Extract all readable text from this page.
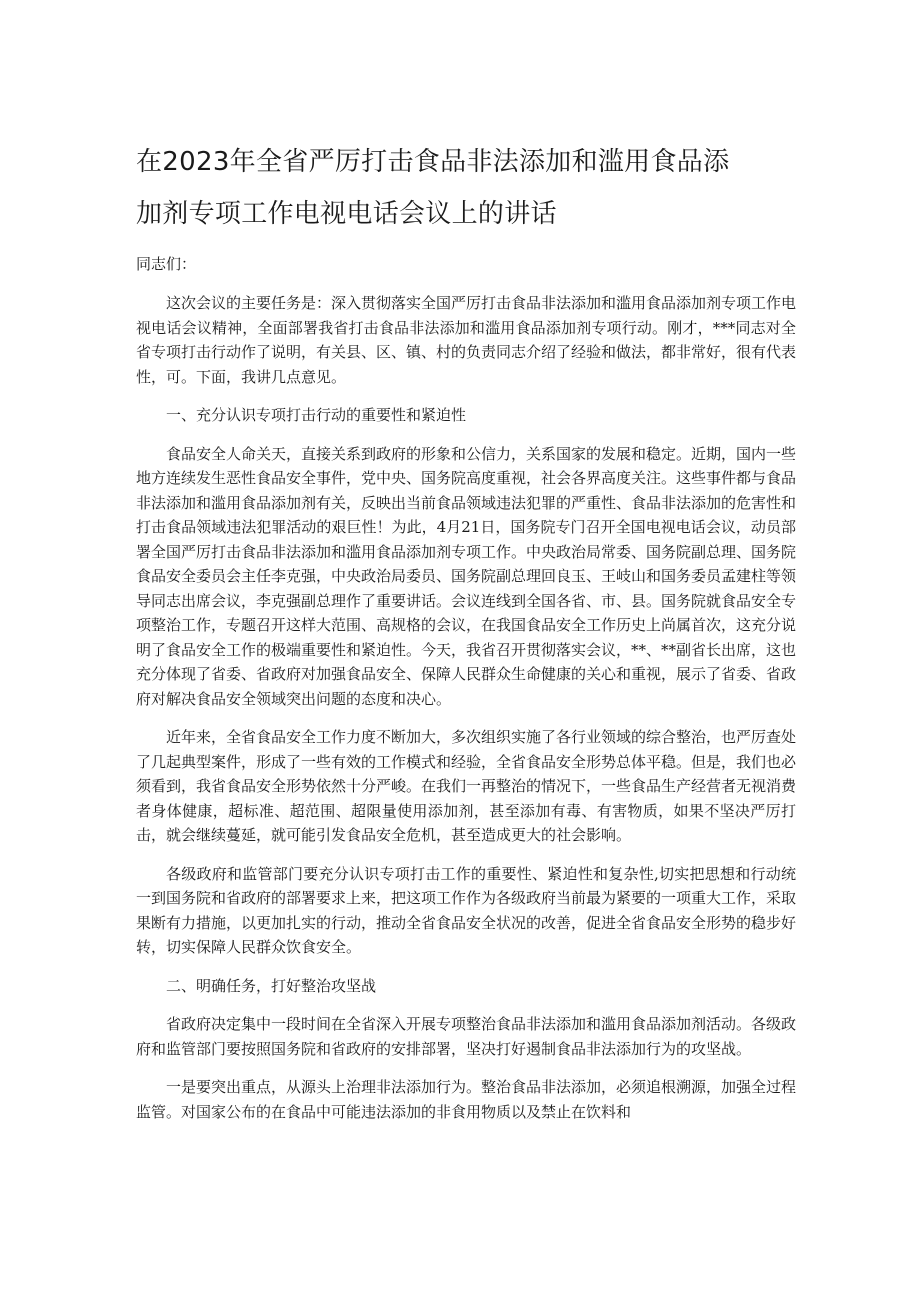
在2023年全省严厉打击食品非法添加和滥用食品添
加剂专项工作电视电话会议上的讲话

同志们：

这次会议的主要任务是：深入贯彻落实全国严厉打击食品非法添加和滥用食品添加剂专项工作电视电话会议精神，全面部署我省打击食品非法添加和滥用食品添加剂专项行动。刚才，***同志对全省专项打击行动作了说明，有关县、区、镇、村的负责同志介绍了经验和做法，都非常好，很有代表性，可。下面，我讲几点意见。

一、充分认识专项打击行动的重要性和紧迫性

食品安全人命关天，直接关系到政府的形象和公信力，关系国家的发展和稳定。近期，国内一些地方连续发生恶性食品安全事件，党中央、国务院高度重视，社会各界高度关注。这些事件都与食品非法添加和滥用食品添加剂有关，反映出当前食品领域违法犯罪的严重性、食品非法添加的危害性和打击食品领域违法犯罪活动的艰巨性！为此，4月21日，国务院专门召开全国电视电话会议，动员部署全国严厉打击食品非法添加和滥用食品添加剂专项工作。中央政治局常委、国务院副总理、国务院食品安全委员会主任李克强，中央政治局委员、国务院副总理回良玉、王岐山和国务委员孟建柱等领导同志出席会议，李克强副总理作了重要讲话。会议连线到全国各省、市、县。国务院就食品安全专项整治工作，专题召开这样大范围、高规格的会议，在我国食品安全工作历史上尚属首次，这充分说明了食品安全工作的极端重要性和紧迫性。今天，我省召开贯彻落实会议，**、**副省长出席，这也充分体现了省委、省政府对加强食品安全、保障人民群众生命健康的关心和重视，展示了省委、省政府对解决食品安全领域突出问题的态度和决心。

近年来，全省食品安全工作力度不断加大，多次组织实施了各行业领域的综合整治，也严厉查处了几起典型案件，形成了一些有效的工作模式和经验，全省食品安全形势总体平稳。但是，我们也必须看到，我省食品安全形势依然十分严峻。在我们一再整治的情况下，一些食品生产经营者无视消费者身体健康，超标准、超范围、超限量使用添加剂，甚至添加有毒、有害物质，如果不坚决严厉打击，就会继续蔓延，就可能引发食品安全危机，甚至造成更大的社会影响。

各级政府和监管部门要充分认识专项打击工作的重要性、紧迫性和复杂性,切实把思想和行动统一到国务院和省政府的部署要求上来，把这项工作作为各级政府当前最为紧要的一项重大工作，采取果断有力措施，以更加扎实的行动，推动全省食品安全状况的改善，促进全省食品安全形势的稳步好转，切实保障人民群众饮食安全。

二、明确任务，打好整治攻坚战

省政府决定集中一段时间在全省深入开展专项整治食品非法添加和滥用食品添加剂活动。各级政府和监管部门要按照国务院和省政府的安排部署，坚决打好遏制食品非法添加行为的攻坚战。

一是要突出重点，从源头上治理非法添加行为。整治食品非法添加，必须追根溯源，加强全过程监管。对国家公布的在食品中可能违法添加的非食用物质以及禁止在饮料和
